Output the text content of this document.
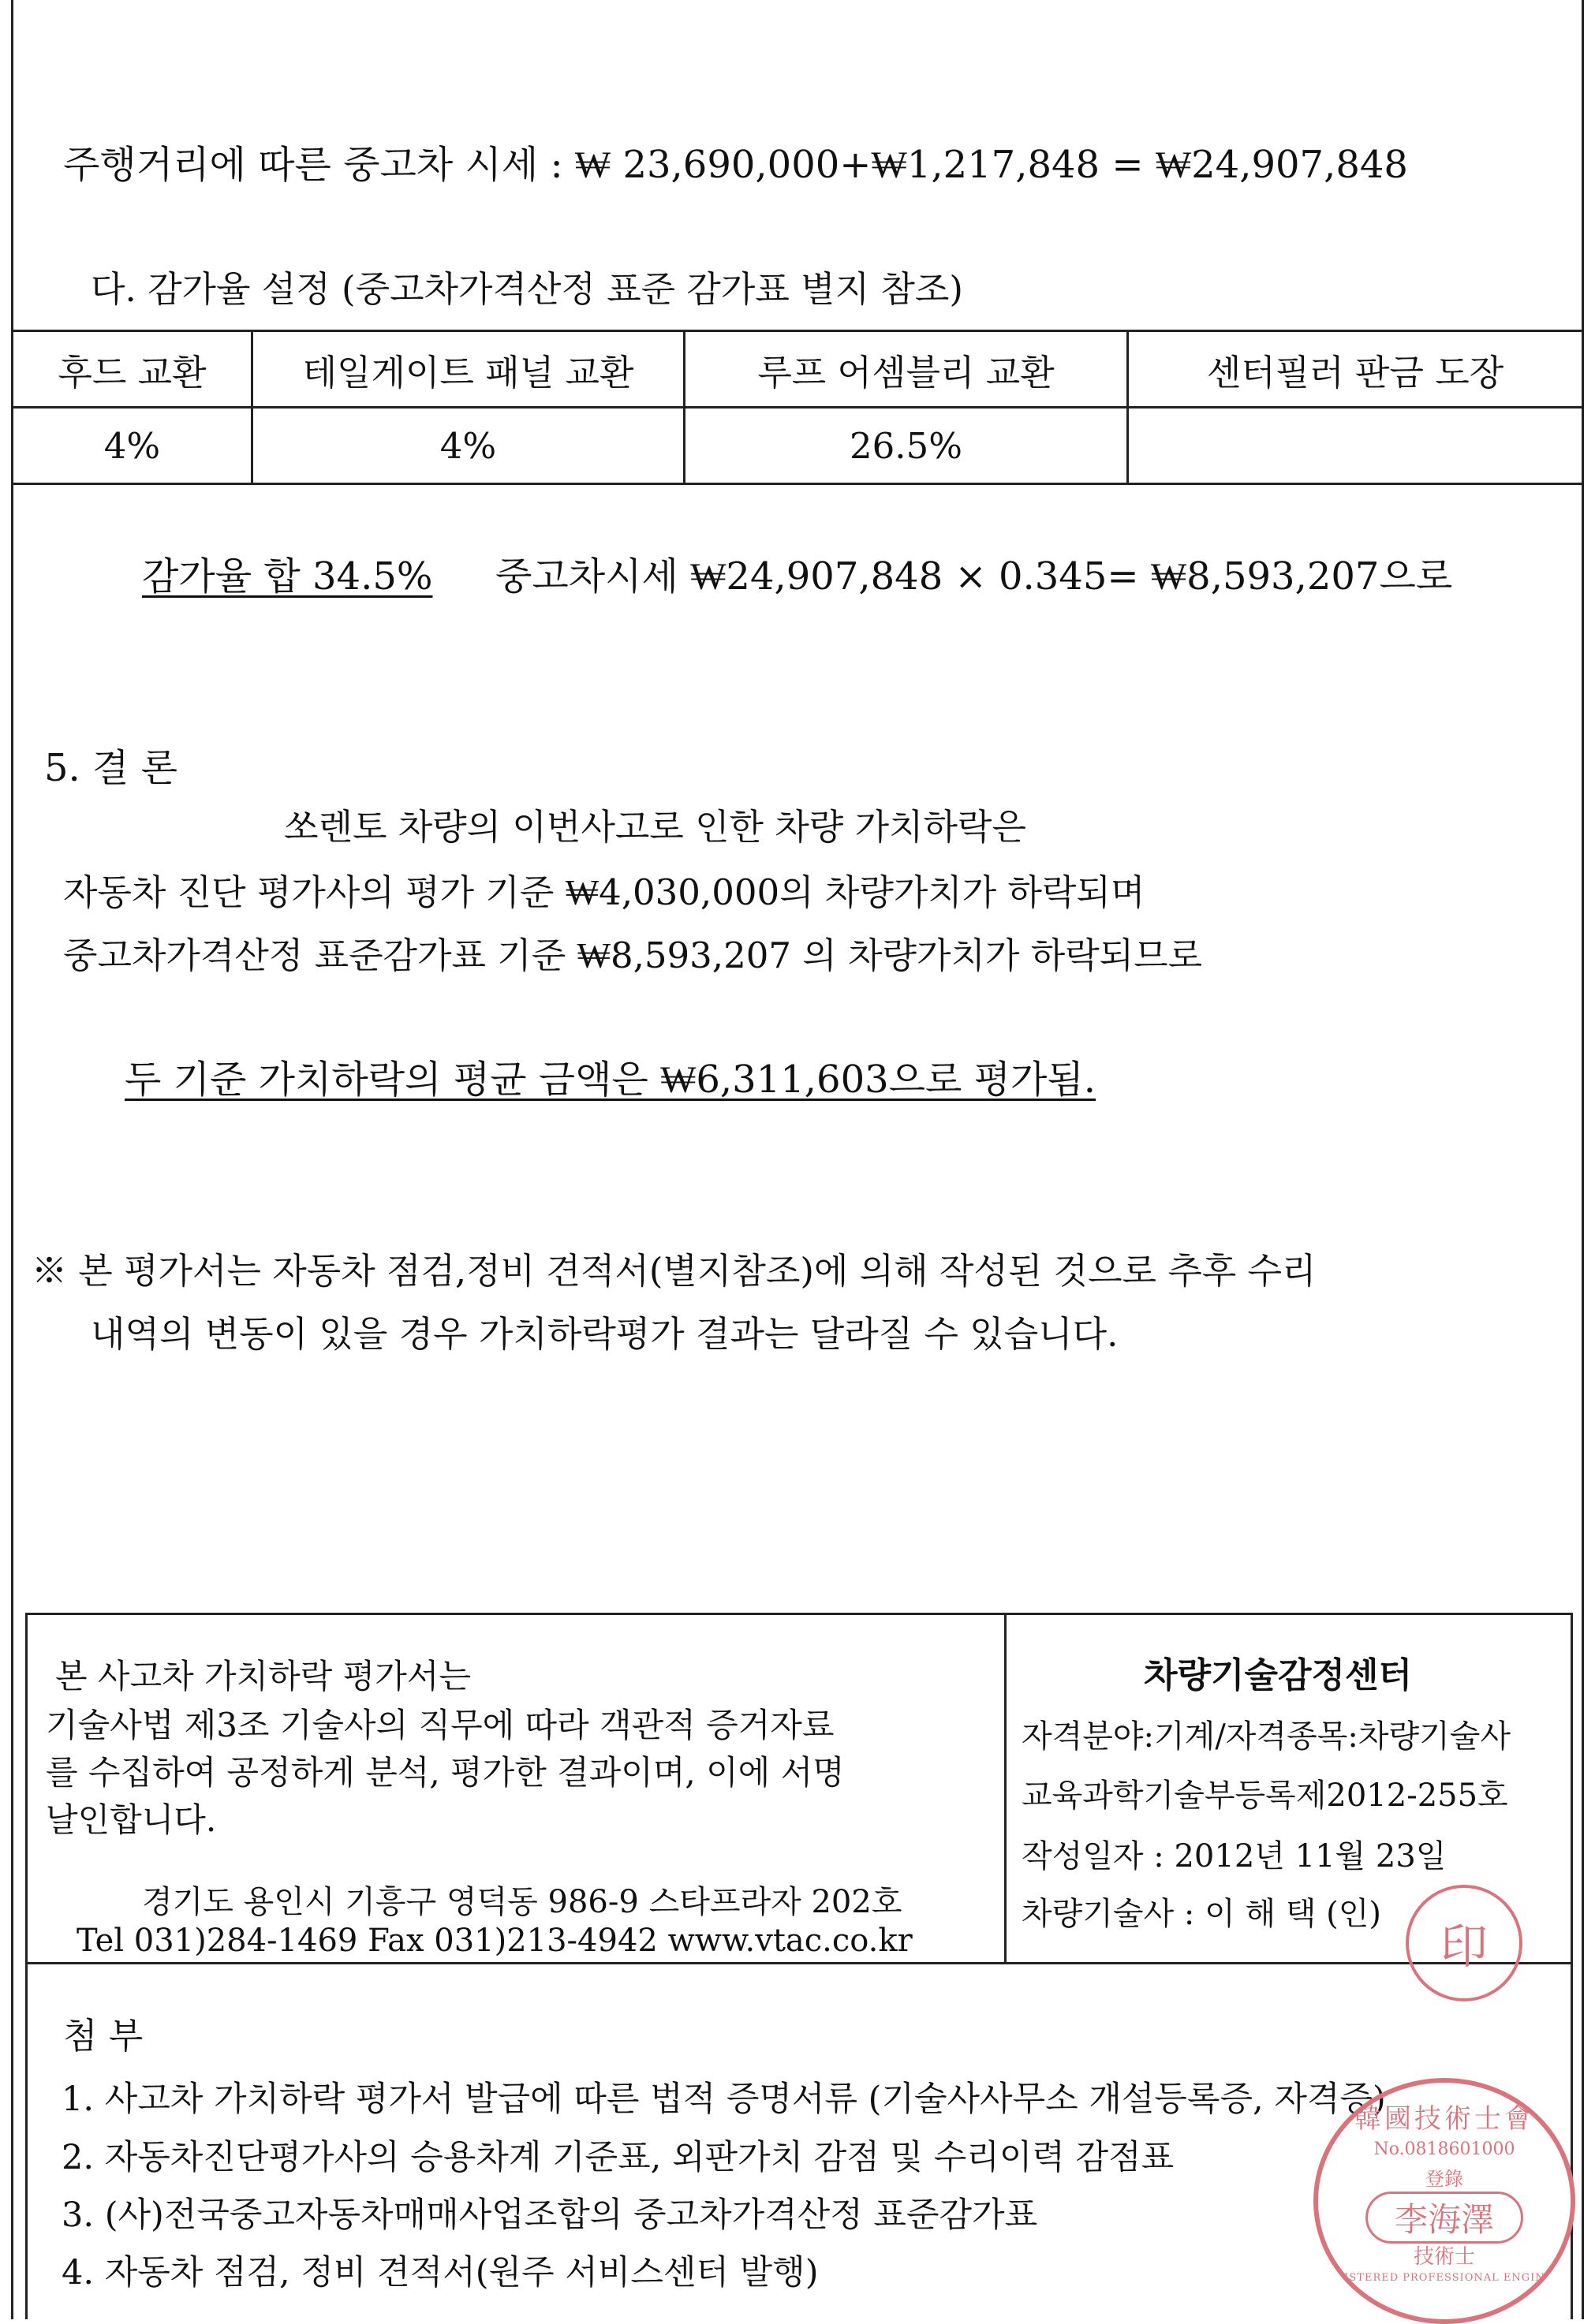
주행거리에 따른 중고차 시세 : ₩ 23,690,000+₩1,217,848 = ₩24,907,848
다. 감가율 설정 (중고차가격산정 표준 감가표 별지 참조)
후드 교환	테일게이트 패널 교환	루프 어셈블리 교환	센터필러 판금 도장
4%	4%	26.5%
감가율 합 34.5% 중고차시세 ₩24,907,848 × 0.345= ₩8,593,207으로
5. 결 론
쏘렌토 차량의 이번사고로 인한 차량 가치하락은
자동차 진단 평가사의 평가 기준 ₩4,030,000의 차량가치가 하락되며
중고차가격산정 표준감가표 기준 ₩8,593,207 의 차량가치가 하락되므로
두 기준 가치하락의 평균 금액은 ₩6,311,603으로 평가됨.
※ 본 평가서는 자동차 점검,정비 견적서(별지참조)에 의해 작성된 것으로 추후 수리
내역의 변동이 있을 경우 가치하락평가 결과는 달라질 수 있습니다.
본 사고차 가치하락 평가서는
기술사법 제3조 기술사의 직무에 따라 객관적 증거자료
를 수집하여 공정하게 분석, 평가한 결과이며, 이에 서명
날인합니다.
경기도 용인시 기흥구 영덕동 986-9 스타프라자 202호
Tel 031)284-1469 Fax 031)213-4942 www.vtac.co.kr
차량기술감정센터
자격분야:기계/자격종목:차량기술사
교육과학기술부등록제2012-255호
작성일자 : 2012년 11월 23일
차량기술사 : 이 해 택 (인)
印
첨 부
1. 사고차 가치하락 평가서 발급에 따른 법적 증명서류 (기술사사무소 개설등록증, 자격증)
2. 자동차진단평가사의 승용차계 기준표, 외판가치 감점 및 수리이력 감점표
3. (사)전국중고자동차매매사업조합의 중고차가격산정 표준감가표
4. 자동차 점검, 정비 견적서(원주 서비스센터 발행)
韓國技術士會
No.0818601000
登錄
李海澤
技術士
REGISTERED PROFESSIONAL ENGINEER
